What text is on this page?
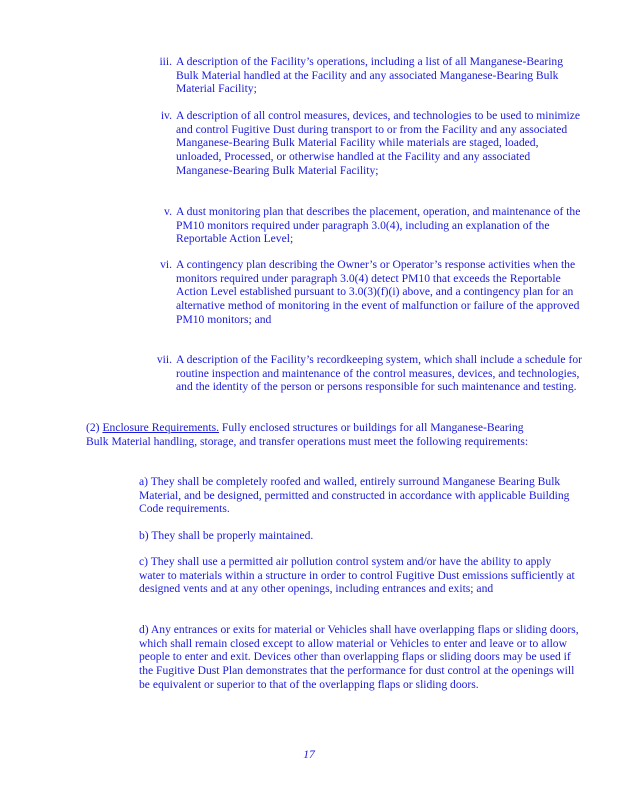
iii. A description of the Facility’s operations, including a list of all Manganese-Bearing Bulk Material handled at the Facility and any associated Manganese-Bearing Bulk Material Facility;
iv. A description of all control measures, devices, and technologies to be used to minimize and control Fugitive Dust during transport to or from the Facility and any associated Manganese-Bearing Bulk Material Facility while materials are staged, loaded, unloaded, Processed, or otherwise handled at the Facility and any associated Manganese-Bearing Bulk Material Facility;
v. A dust monitoring plan that describes the placement, operation, and maintenance of the PM10 monitors required under paragraph 3.0(4), including an explanation of the Reportable Action Level;
vi. A contingency plan describing the Owner’s or Operator’s response activities when the monitors required under paragraph 3.0(4) detect PM10 that exceeds the Reportable Action Level established pursuant to 3.0(3)(f)(i) above, and a contingency plan for an alternative method of monitoring in the event of malfunction or failure of the approved PM10 monitors; and
vii. A description of the Facility’s recordkeeping system, which shall include a schedule for routine inspection and maintenance of the control measures, devices, and technologies, and the identity of the person or persons responsible for such maintenance and testing.
(2) Enclosure Requirements. Fully enclosed structures or buildings for all Manganese-Bearing Bulk Material handling, storage, and transfer operations must meet the following requirements:
a) They shall be completely roofed and walled, entirely surround Manganese Bearing Bulk Material, and be designed, permitted and constructed in accordance with applicable Building Code requirements.
b) They shall be properly maintained.
c) They shall use a permitted air pollution control system and/or have the ability to apply water to materials within a structure in order to control Fugitive Dust emissions sufficiently at designed vents and at any other openings, including entrances and exits; and
d) Any entrances or exits for material or Vehicles shall have overlapping flaps or sliding doors, which shall remain closed except to allow material or Vehicles to enter and leave or to allow people to enter and exit. Devices other than overlapping flaps or sliding doors may be used if the Fugitive Dust Plan demonstrates that the performance for dust control at the openings will be equivalent or superior to that of the overlapping flaps or sliding doors.
17
